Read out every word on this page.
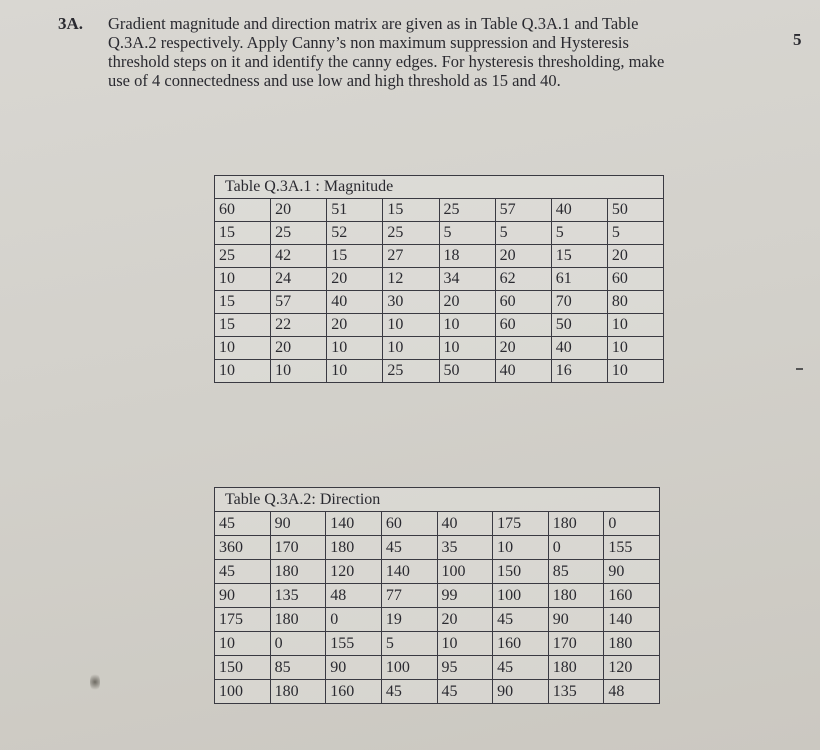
3A. Gradient magnitude and direction matrix are given as in Table Q.3A.1 and Table
Q.3A.2 respectively. Apply Canny’s non maximum suppression and Hysteresis
threshold steps on it and identify the canny edges. For hysteresis thresholding, make
use of 4 connectedness and use low and high threshold as 15 and 40.
5
Table Q.3A.1 : Magnitude							
60	20	51	15	25	57	40	50
15	25	52	25	5	5	5	5
25	42	15	27	18	20	15	20
10	24	20	12	34	62	61	60
15	57	40	30	20	60	70	80
15	22	20	10	10	60	50	10
10	20	10	10	10	20	40	10
10	10	10	25	50	40	16	10
Table Q.3A.2: Direction							
45	90	140	60	40	175	180	0
360	170	180	45	35	10	0	155
45	180	120	140	100	150	85	90
90	135	48	77	99	100	180	160
175	180	0	19	20	45	90	140
10	0	155	5	10	160	170	180
150	85	90	100	95	45	180	120
100	180	160	45	45	90	135	48
